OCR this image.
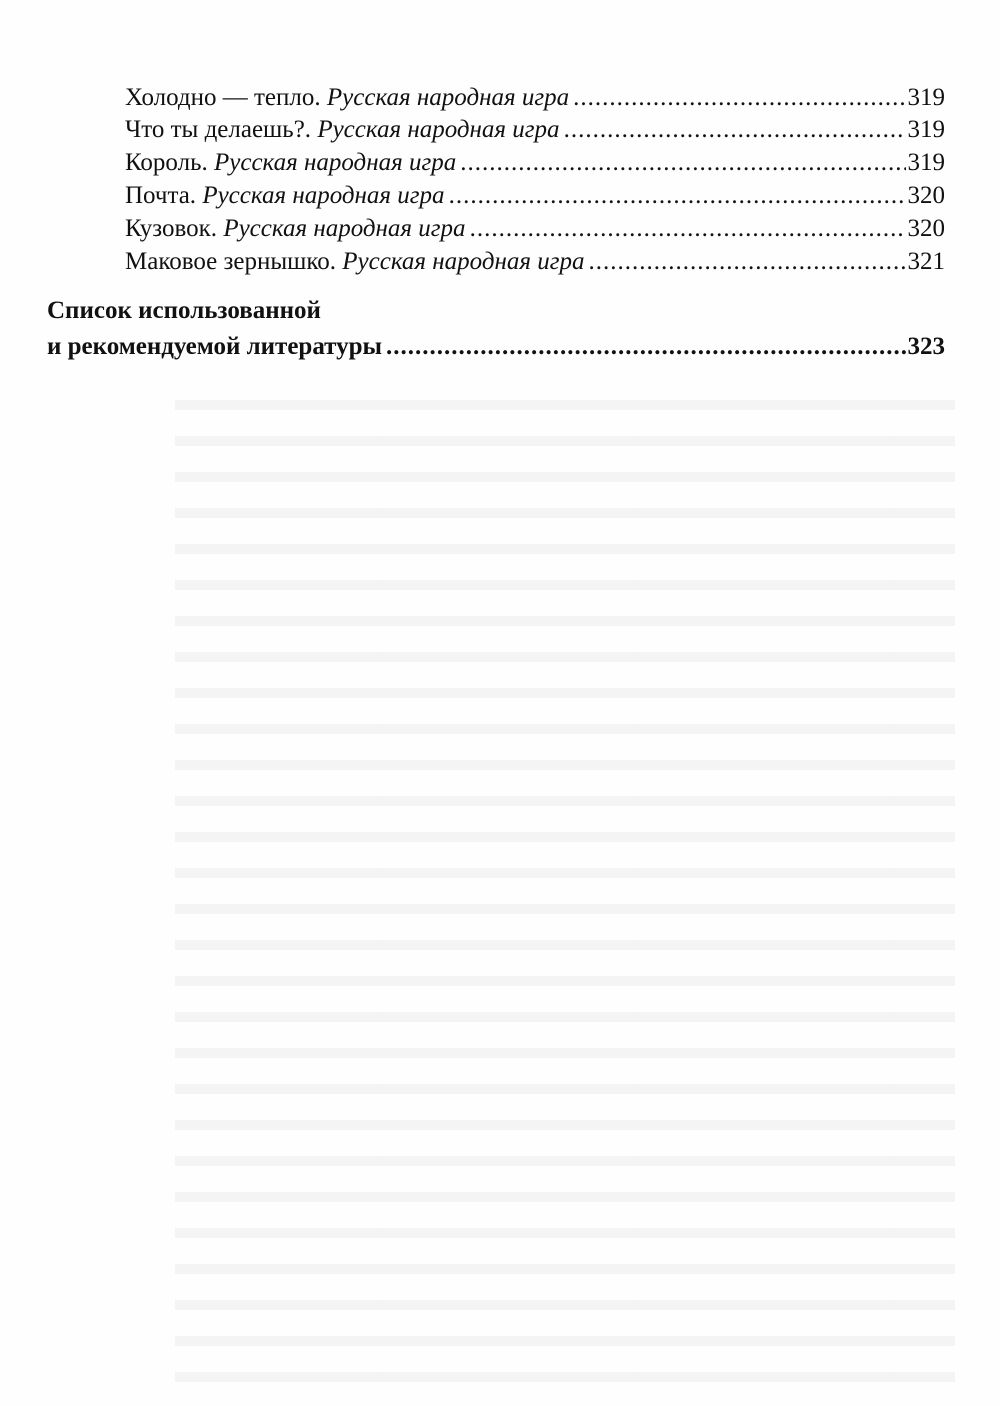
Холодно — тепло. Русская народная игра .....	319
Что ты делаешь?. Русская народная игра .....	319
Король. Русская народная игра .....	319
Почта. Русская народная игра .....	320
Кузовок. Русская народная игра .....	320
Маковое зернышко. Русская народная игра .....	321
Список использованной
и рекомендуемой литературы .....	323
